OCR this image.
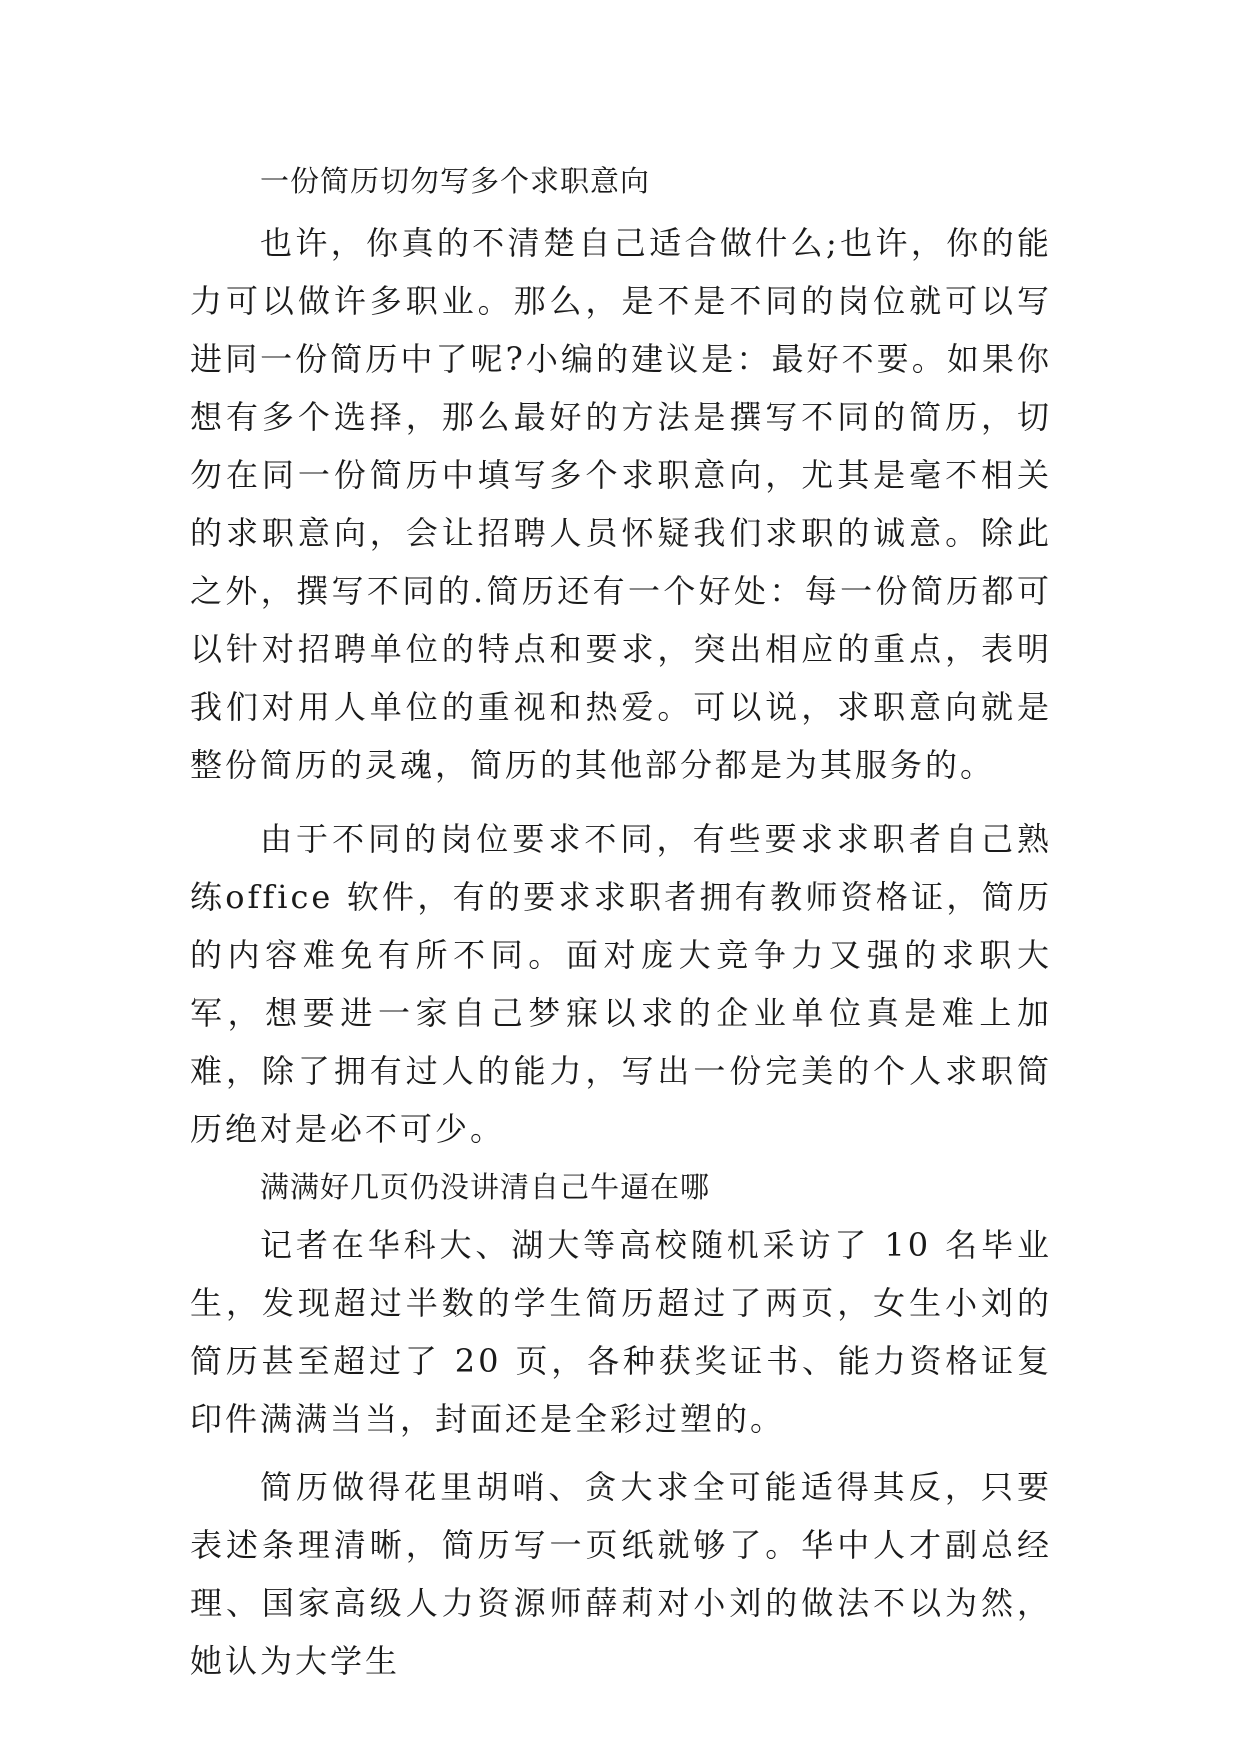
一份简历切勿写多个求职意向

也许，你真的不清楚自己适合做什么;也许，你的能力可以做许多职业。那么，是不是不同的岗位就可以写进同一份简历中了呢?小编的建议是：最好不要。如果你想有多个选择，那么最好的方法是撰写不同的简历，切勿在同一份简历中填写多个求职意向，尤其是毫不相关的求职意向，会让招聘人员怀疑我们求职的诚意。除此之外，撰写不同的.简历还有一个好处：每一份简历都可以针对招聘单位的特点和要求，突出相应的重点，表明我们对用人单位的重视和热爱。可以说，求职意向就是整份简历的灵魂，简历的其他部分都是为其服务的。

由于不同的岗位要求不同，有些要求求职者自己熟练office 软件，有的要求求职者拥有教师资格证，简历的内容难免有所不同。面对庞大竞争力又强的求职大军，想要进一家自己梦寐以求的企业单位真是难上加难，除了拥有过人的能力，写出一份完美的个人求职简历绝对是必不可少。

满满好几页仍没讲清自己牛逼在哪

记者在华科大、湖大等高校随机采访了 10 名毕业生，发现超过半数的学生简历超过了两页，女生小刘的简历甚至超过了 20 页，各种获奖证书、能力资格证复印件满满当当，封面还是全彩过塑的。

简历做得花里胡哨、贪大求全可能适得其反，只要表述条理清晰，简历写一页纸就够了。华中人才副总经理、国家高级人力资源师薛莉对小刘的做法不以为然，她认为大学生
